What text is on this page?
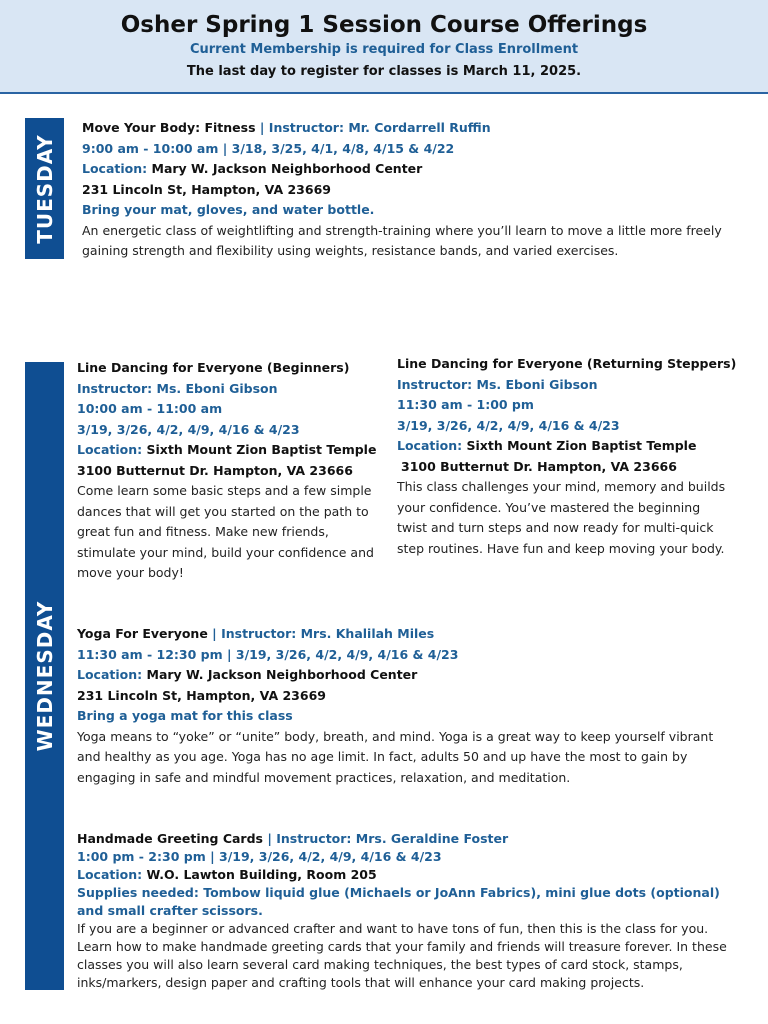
Osher Spring 1 Session Course Offerings
Current Membership is required for Class Enrollment
The last day to register for classes is March 11, 2025.
TUESDAY
WEDNESDAY
Move Your Body: Fitness | Instructor: Mr. Cordarrell Ruffin
9:00 am - 10:00 am | 3/18, 3/25, 4/1, 4/8, 4/15 & 4/22
Location: Mary W. Jackson Neighborhood Center
231 Lincoln St, Hampton, VA 23669
Bring your mat, gloves, and water bottle.

An energetic class of weightlifting and strength-training where you’ll learn to move a little more freely gaining strength and flexibility using weights, resistance bands, and varied exercises.

Line Dancing for Everyone (Beginners)
Instructor: Ms. Eboni Gibson
10:00 am - 11:00 am
3/19, 3/26, 4/2, 4/9, 4/16 & 4/23
Location: Sixth Mount Zion Baptist Temple
3100 Butternut Dr. Hampton, VA 23666

Come learn some basic steps and a few simple dances that will get you started on the path to great fun and fitness. Make new friends, stimulate your mind, build your confidence and move your body!

Line Dancing for Everyone (Returning Steppers)
Instructor: Ms. Eboni Gibson
11:30 am - 1:00 pm
3/19, 3/26, 4/2, 4/9, 4/16 & 4/23
Location: Sixth Mount Zion Baptist Temple
3100 Butternut Dr. Hampton, VA 23666

This class challenges your mind, memory and builds your confidence. You’ve mastered the beginning twist and turn steps and now ready for multi-quick step routines. Have fun and keep moving your body.

Yoga For Everyone | Instructor: Mrs. Khalilah Miles
11:30 am - 12:30 pm | 3/19, 3/26, 4/2, 4/9, 4/16 & 4/23
Location: Mary W. Jackson Neighborhood Center
231 Lincoln St, Hampton, VA 23669
Bring a yoga mat for this class

Yoga means to “yoke” or “unite” body, breath, and mind. Yoga is a great way to keep yourself vibrant and healthy as you age. Yoga has no age limit. In fact, adults 50 and up have the most to gain by engaging in safe and mindful movement practices, relaxation, and meditation.

Handmade Greeting Cards | Instructor: Mrs. Geraldine Foster
1:00 pm - 2:30 pm | 3/19, 3/26, 4/2, 4/9, 4/16 & 4/23
Location: W.O. Lawton Building, Room 205
Supplies needed: Tombow liquid glue (Michaels or JoAnn Fabrics), mini glue dots (optional) and small crafter scissors.

If you are a beginner or advanced crafter and want to have tons of fun, then this is the class for you. Learn how to make handmade greeting cards that your family and friends will treasure forever. In these classes you will also learn several card making techniques, the best types of card stock, stamps, inks/markers, design paper and crafting tools that will enhance your card making projects.
